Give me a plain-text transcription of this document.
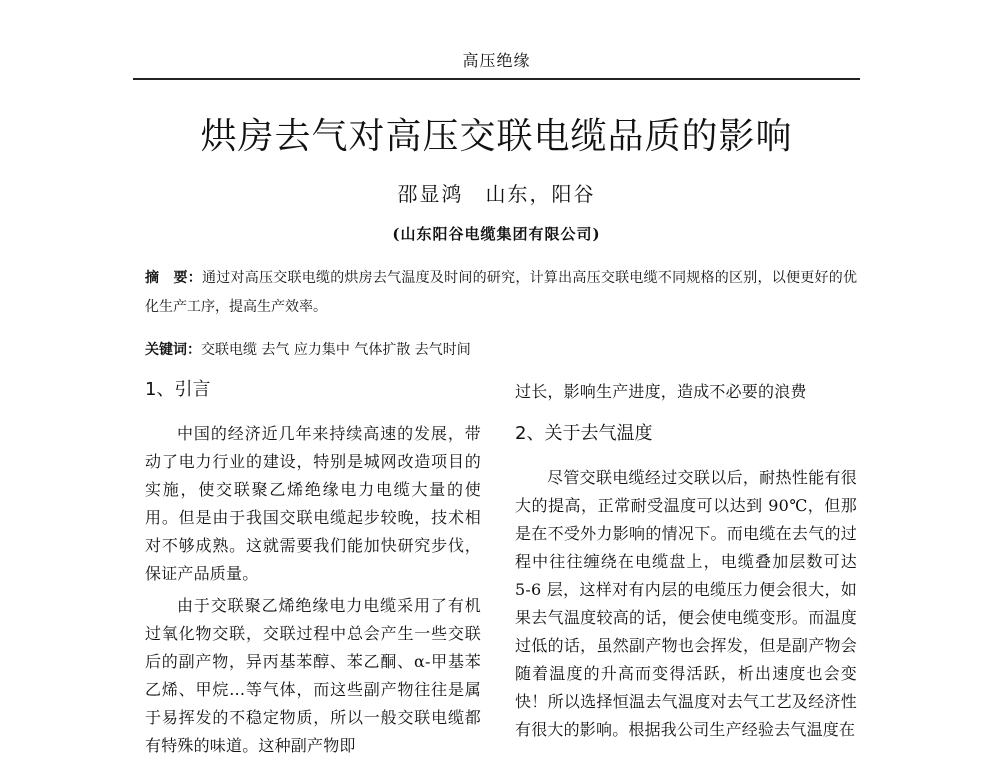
高压绝缘
烘房去气对高压交联电缆品质的影响
邵显鸿　山东，阳谷
(山东阳谷电缆集团有限公司)
摘　要：通过对高压交联电缆的烘房去气温度及时间的研究，计算出高压交联电缆不同规格的区别，以便更好的优化生产工序，提高生产效率。
关键词：交联电缆 去气 应力集中 气体扩散 去气时间
1、引言

中国的经济近几年来持续高速的发展，带动了电力行业的建设，特别是城网改造项目的实施，使交联聚乙烯绝缘电力电缆大量的使用。但是由于我国交联电缆起步较晚，技术相对不够成熟。这就需要我们能加快研究步伐，保证产品质量。

由于交联聚乙烯绝缘电力电缆采用了有机过氧化物交联，交联过程中总会产生一些交联后的副产物，异丙基苯醇、苯乙酮、α-甲基苯乙烯、甲烷…等气体，而这些副产物往往是属于易挥发的不稳定物质，所以一般交联电缆都有特殊的味道。这种副产物即

过长，影响生产进度，造成不必要的浪费

2、关于去气温度

尽管交联电缆经过交联以后，耐热性能有很大的提高，正常耐受温度可以达到 90℃，但那是在不受外力影响的情况下。而电缆在去气的过程中往往缠绕在电缆盘上，电缆叠加层数可达 5-6 层，这样对有内层的电缆压力便会很大，如果去气温度较高的话，便会使电缆变形。而温度过低的话，虽然副产物也会挥发，但是副产物会随着温度的升高而变得活跃，析出速度也会变快！所以选择恒温去气温度对去气工艺及经济性有很大的影响。根据我公司生产经验去气温度在
